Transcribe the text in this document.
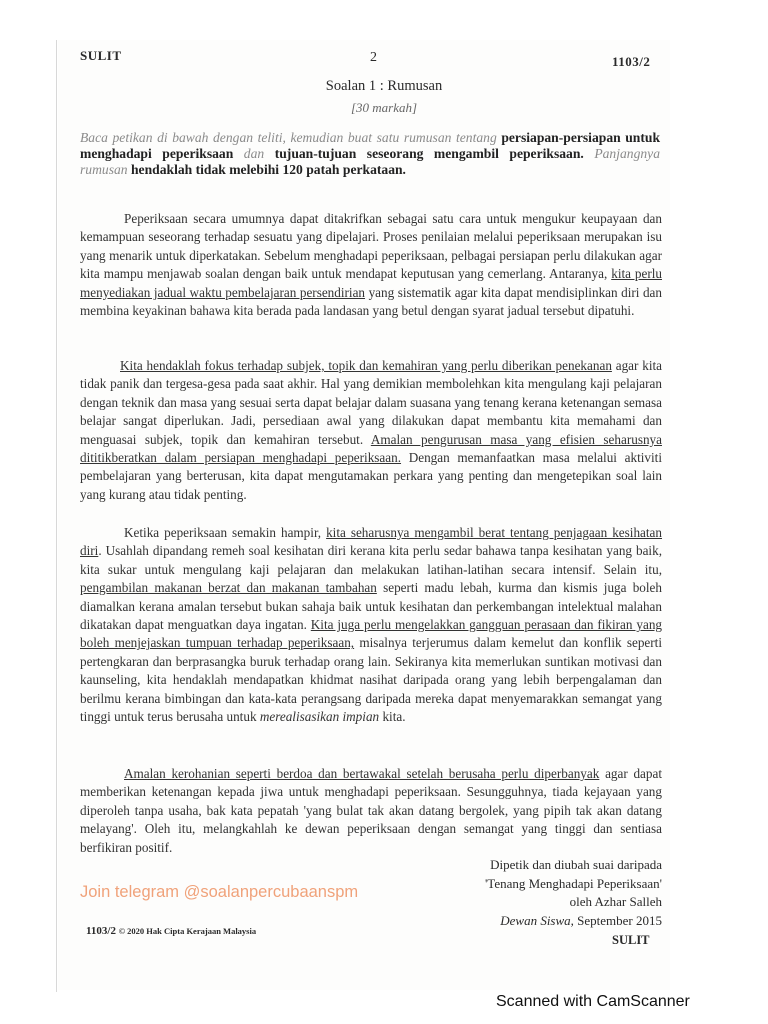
SULIT	2	1103/2
Soalan 1 : Rumusan
[30 markah]
Baca petikan di bawah dengan teliti, kemudian buat satu rumusan tentang persiapan-persiapan untuk menghadapi peperiksaan dan tujuan-tujuan seseorang mengambil peperiksaan. Panjangnya rumusan hendaklah tidak melebihi 120 patah perkataan.

Peperiksaan secara umumnya dapat ditakrifkan sebagai satu cara untuk mengukur keupayaan dan kemampuan seseorang terhadap sesuatu yang dipelajari. Proses penilaian melalui peperiksaan merupakan isu yang menarik untuk diperkatakan. Sebelum menghadapi peperiksaan, pelbagai persiapan perlu dilakukan agar kita mampu menjawab soalan dengan baik untuk mendapat keputusan yang cemerlang. Antaranya, kita perlu menyediakan jadual waktu pembelajaran persendirian yang sistematik agar kita dapat mendisiplinkan diri dan membina keyakinan bahawa kita berada pada landasan yang betul dengan syarat jadual tersebut dipatuhi.

Kita hendaklah fokus terhadap subjek, topik dan kemahiran yang perlu diberikan penekanan agar kita tidak panik dan tergesa-gesa pada saat akhir. Hal yang demikian membolehkan kita mengulang kaji pelajaran dengan teknik dan masa yang sesuai serta dapat belajar dalam suasana yang tenang kerana ketenangan semasa belajar sangat diperlukan. Jadi, persediaan awal yang dilakukan dapat membantu kita memahami dan menguasai subjek, topik dan kemahiran tersebut. Amalan pengurusan masa yang efisien seharusnya dititikberatkan dalam persiapan menghadapi peperiksaan. Dengan memanfaatkan masa melalui aktiviti pembelajaran yang berterusan, kita dapat mengutamakan perkara yang penting dan mengetepikan soal lain yang kurang atau tidak penting.

Ketika peperiksaan semakin hampir, kita seharusnya mengambil berat tentang penjagaan kesihatan diri. Usahlah dipandang remeh soal kesihatan diri kerana kita perlu sedar bahawa tanpa kesihatan yang baik, kita sukar untuk mengulang kaji pelajaran dan melakukan latihan-latihan secara intensif. Selain itu, pengambilan makanan berzat dan makanan tambahan seperti madu lebah, kurma dan kismis juga boleh diamalkan kerana amalan tersebut bukan sahaja baik untuk kesihatan dan perkembangan intelektual malahan dikatakan dapat menguatkan daya ingatan. Kita juga perlu mengelakkan gangguan perasaan dan fikiran yang boleh menjejaskan tumpuan terhadap peperiksaan, misalnya terjerumus dalam kemelut dan konflik seperti pertengkaran dan berprasangka buruk terhadap orang lain. Sekiranya kita memerlukan suntikan motivasi dan kaunseling, kita hendaklah mendapatkan khidmat nasihat daripada orang yang lebih berpengalaman dan berilmu kerana bimbingan dan kata-kata perangsang daripada mereka dapat menyemarakkan semangat yang tinggi untuk terus berusaha untuk merealisasikan impian kita.

Amalan kerohanian seperti berdoa dan bertawakal setelah berusaha perlu diperbanyak agar dapat memberikan ketenangan kepada jiwa untuk menghadapi peperiksaan. Sesungguhnya, tiada kejayaan yang diperoleh tanpa usaha, bak kata pepatah 'yang bulat tak akan datang bergolek, yang pipih tak akan datang melayang'. Oleh itu, melangkahlah ke dewan peperiksaan dengan semangat yang tinggi dan sentiasa berfikiran positif.

Dipetik dan diubah suai daripada
'Tenang Menghadapi Peperiksaan'
oleh Azhar Salleh
Dewan Siswa, September 2015
Join telegram @soalanpercubaanspm
1103/2 © 2020 Hak Cipta Kerajaan Malaysia
SULIT
Scanned with CamScanner
